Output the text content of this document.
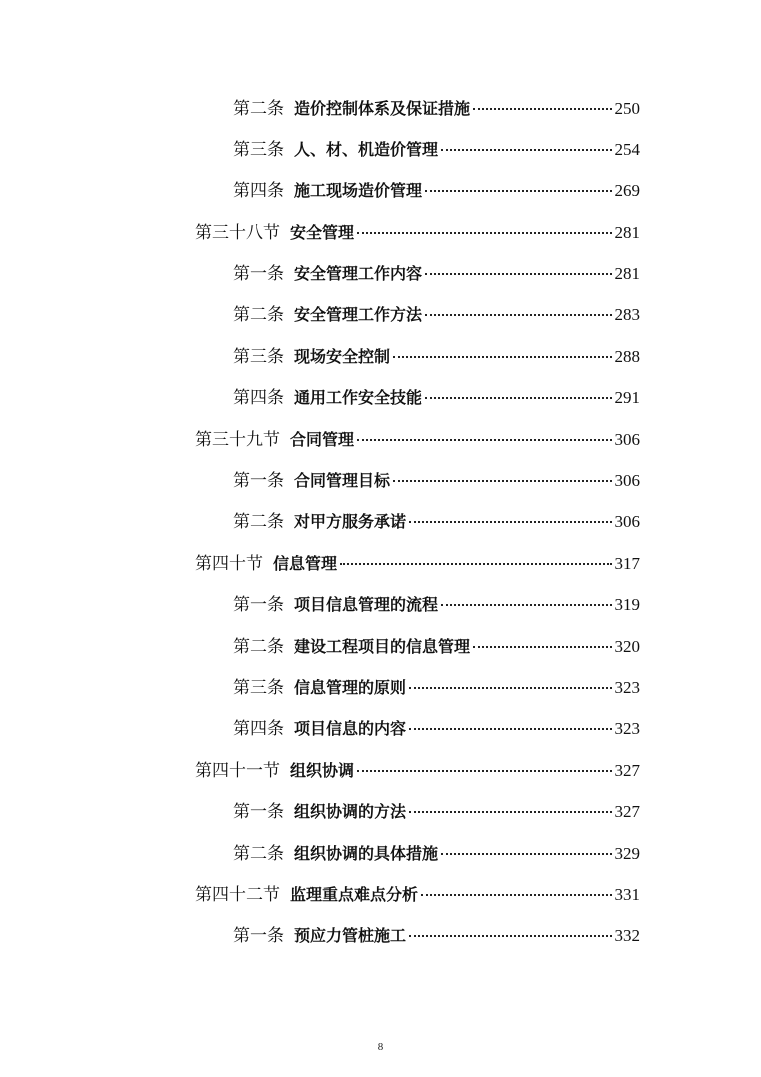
第二条 造价控制体系及保证措施	250
第三条 人、材、机造价管理	254
第四条 施工现场造价管理	269
第三十八节 安全管理	281
第一条 安全管理工作内容	281
第二条 安全管理工作方法	283
第三条 现场安全控制	288
第四条 通用工作安全技能	291
第三十九节 合同管理	306
第一条 合同管理目标	306
第二条 对甲方服务承诺	306
第四十节 信息管理	317
第一条 项目信息管理的流程	319
第二条 建设工程项目的信息管理	320
第三条 信息管理的原则	323
第四条 项目信息的内容	323
第四十一节 组织协调	327
第一条 组织协调的方法	327
第二条 组织协调的具体措施	329
第四十二节 监理重点难点分析	331
第一条 预应力管桩施工	332
8
